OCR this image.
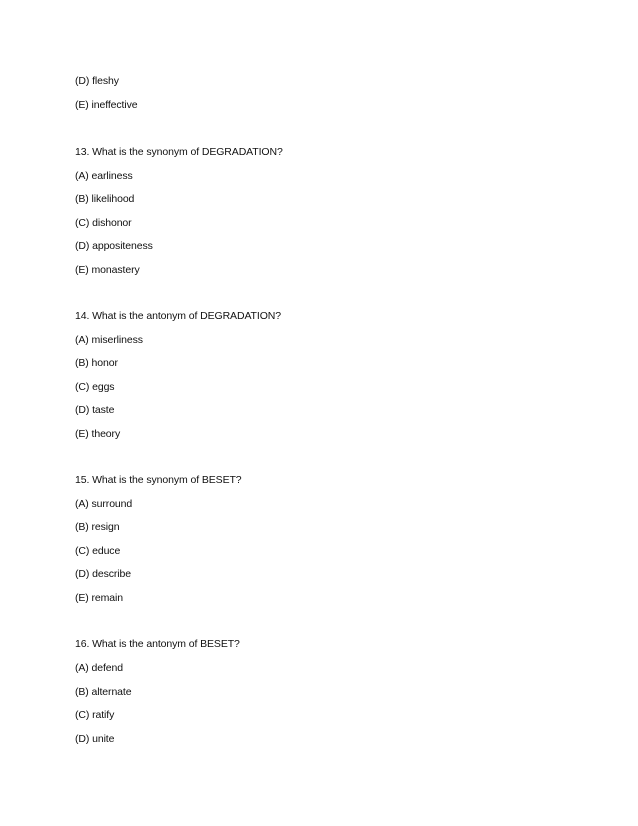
(D) fleshy
(E) ineffective
13. What is the synonym of DEGRADATION?
(A) earliness
(B) likelihood
(C) dishonor
(D) appositeness
(E) monastery
14. What is the antonym of DEGRADATION?
(A) miserliness
(B) honor
(C) eggs
(D) taste
(E) theory
15. What is the synonym of BESET?
(A) surround
(B) resign
(C) educe
(D) describe
(E) remain
16. What is the antonym of BESET?
(A) defend
(B) alternate
(C) ratify
(D) unite
